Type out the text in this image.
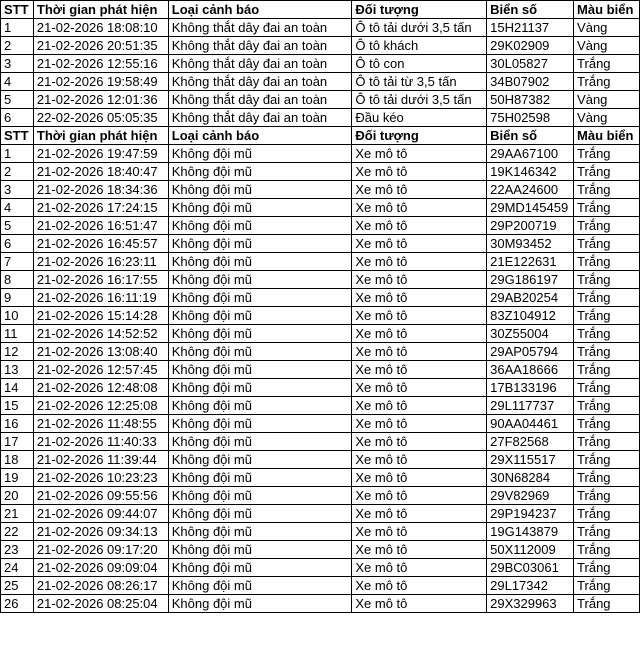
STT	Thời gian phát hiện	Loại cảnh báo	Đối tượng	Biển số	Màu biển
1	21-02-2026 18:08:10	Không thắt dây đai an toàn	Ô tô tải dưới 3,5 tấn	15H21137	Vàng
2	21-02-2026 20:51:35	Không thắt dây đai an toàn	Ô tô khách	29K02909	Vàng
3	21-02-2026 12:55:16	Không thắt dây đai an toàn	Ô tô con	30L05827	Trắng
4	21-02-2026 19:58:49	Không thắt dây đai an toàn	Ô tô tải từ 3,5 tấn	34B07902	Trắng
5	21-02-2026 12:01:36	Không thắt dây đai an toàn	Ô tô tải dưới 3,5 tấn	50H87382	Vàng
6	22-02-2026 05:05:35	Không thắt dây đai an toàn	Đầu kéo	75H02598	Vàng
STT	Thời gian phát hiện	Loại cảnh báo	Đối tượng	Biển số	Màu biển
1	21-02-2026 19:47:59	Không đội mũ	Xe mô tô	29AA67100	Trắng
2	21-02-2026 18:40:47	Không đội mũ	Xe mô tô	19K146342	Trắng
3	21-02-2026 18:34:36	Không đội mũ	Xe mô tô	22AA24600	Trắng
4	21-02-2026 17:24:15	Không đội mũ	Xe mô tô	29MD145459	Trắng
5	21-02-2026 16:51:47	Không đội mũ	Xe mô tô	29P200719	Trắng
6	21-02-2026 16:45:57	Không đội mũ	Xe mô tô	30M93452	Trắng
7	21-02-2026 16:23:11	Không đội mũ	Xe mô tô	21E122631	Trắng
8	21-02-2026 16:17:55	Không đội mũ	Xe mô tô	29G186197	Trắng
9	21-02-2026 16:11:19	Không đội mũ	Xe mô tô	29AB20254	Trắng
10	21-02-2026 15:14:28	Không đội mũ	Xe mô tô	83Z104912	Trắng
11	21-02-2026 14:52:52	Không đội mũ	Xe mô tô	30Z55004	Trắng
12	21-02-2026 13:08:40	Không đội mũ	Xe mô tô	29AP05794	Trắng
13	21-02-2026 12:57:45	Không đội mũ	Xe mô tô	36AA18666	Trắng
14	21-02-2026 12:48:08	Không đội mũ	Xe mô tô	17B133196	Trắng
15	21-02-2026 12:25:08	Không đội mũ	Xe mô tô	29L117737	Trắng
16	21-02-2026 11:48:55	Không đội mũ	Xe mô tô	90AA04461	Trắng
17	21-02-2026 11:40:33	Không đội mũ	Xe mô tô	27F82568	Trắng
18	21-02-2026 11:39:44	Không đội mũ	Xe mô tô	29X115517	Trắng
19	21-02-2026 10:23:23	Không đội mũ	Xe mô tô	30N68284	Trắng
20	21-02-2026 09:55:56	Không đội mũ	Xe mô tô	29V82969	Trắng
21	21-02-2026 09:44:07	Không đội mũ	Xe mô tô	29P194237	Trắng
22	21-02-2026 09:34:13	Không đội mũ	Xe mô tô	19G143879	Trắng
23	21-02-2026 09:17:20	Không đội mũ	Xe mô tô	50X112009	Trắng
24	21-02-2026 09:09:04	Không đội mũ	Xe mô tô	29BC03061	Trắng
25	21-02-2026 08:26:17	Không đội mũ	Xe mô tô	29L17342	Trắng
26	21-02-2026 08:25:04	Không đội mũ	Xe mô tô	29X329963	Trắng
